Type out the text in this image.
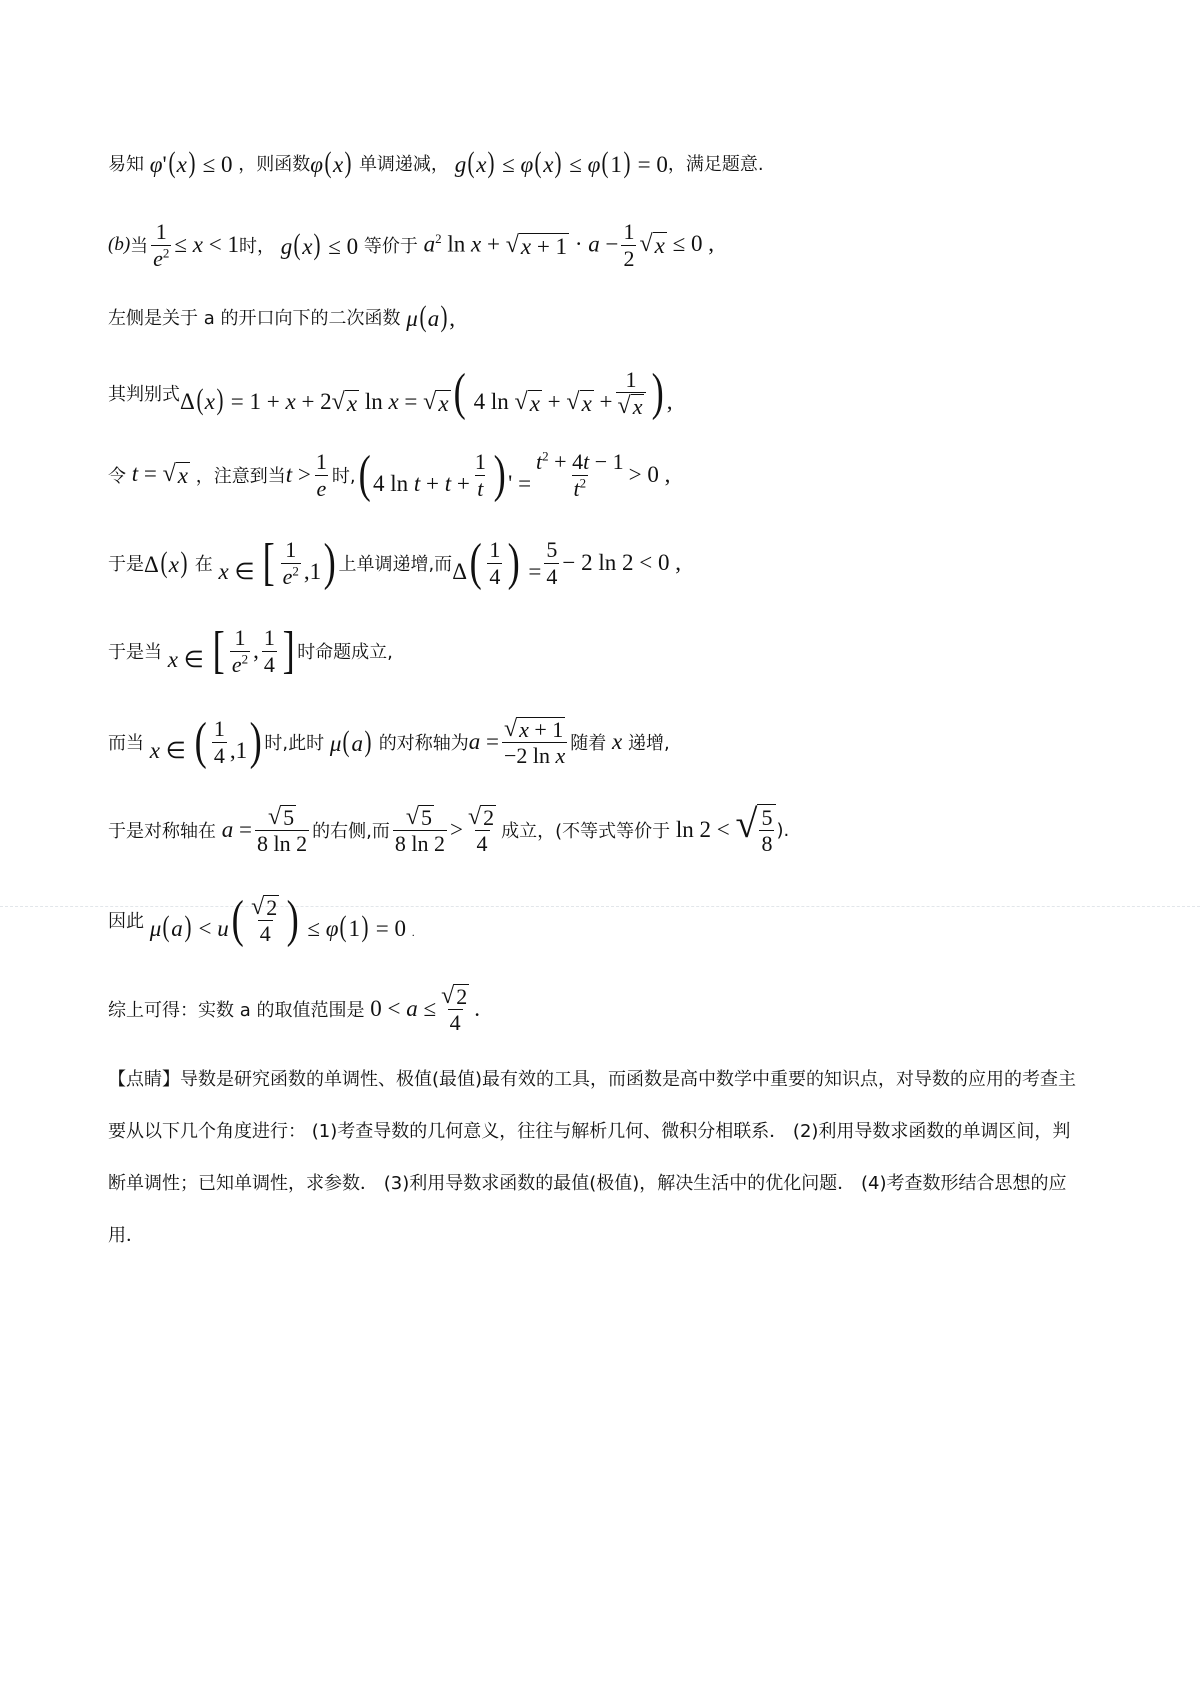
易知 φ'(x) ≤ 0 ，则函数 φ(x) 单调递减， g(x) ≤ φ(x) ≤ φ(1) = 0 ，满足题意.
(b) 当 $\frac{1}{e^2} \le x < 1$ 时， g(x) ≤ 0 等价于 $a^2$ ln x + √ $x + 1 \cdot a - \frac{1}{2}$ √ x ≤ 0 ,
左侧是关于 a 的开口向下的二次函数 μ(a),
其判别式 Δ(x) = 1 + x + 2 √ x ln x = √ x ( 4 ln √ x + √ $x + \frac{1}{√ x}$ ) ,
令 t = √ x
，注意到当 $t > \frac{1}{e}$ 时, ( 4 $\ln t + t + \frac{1}{t}$ ) ' = $\frac{t^2 + 4t - 1}{t^2} > 0$ ,
于是 Δ(x) 在 x ∈ [ $\frac{1}{e^2} ,1$) 上单调递增,而 $\Delta( \frac{1}{4}$ ) = $\frac{5}{4} - 2$ ln 2 < 0 ,
于是当 x ∈ [ $\frac{1}{e^2}$ , $\frac{1}{4}$ ] 时命题成立,
而当 x ∈ ( $\frac{1}{4} ,1$) 时,此时 μ(a) 的对称轴为 $a = \frac{√ x + 1}{\text{−2 ln x}}$ 随着 x 递增,
于是对称轴在 $a = \frac{√ 5}{8 \ln 2}$ 的右侧,而 $\frac{√ 5}{8 \ln 2} > \frac{√ 2}{4}$ 成立，(不等式等价于 ln 2 < √ $\frac{5}{8}$ ).
因此 $\mu(a) < u( \frac{√ 2}{4}$ ) ≤ φ(1) = 0 .
综上可得：实数 a 的取值范围是 $0 < a \le \frac{√ 2}{4}$ .
【点睛】导数是研究函数的单调性、极值(最值)最有效的工具，而函数是高中数学中重要的知识点，对导数的应用的考查主要从以下几个角度进行： (1)考查导数的几何意义，往往与解析几何、微积分相联系． (2)利用导数求函数的单调区间，判断单调性；已知单调性，求参数． (3)利用导数求函数的最值(极值)，解决生活中的优化问题． (4)考查数形结合思想的应用．
